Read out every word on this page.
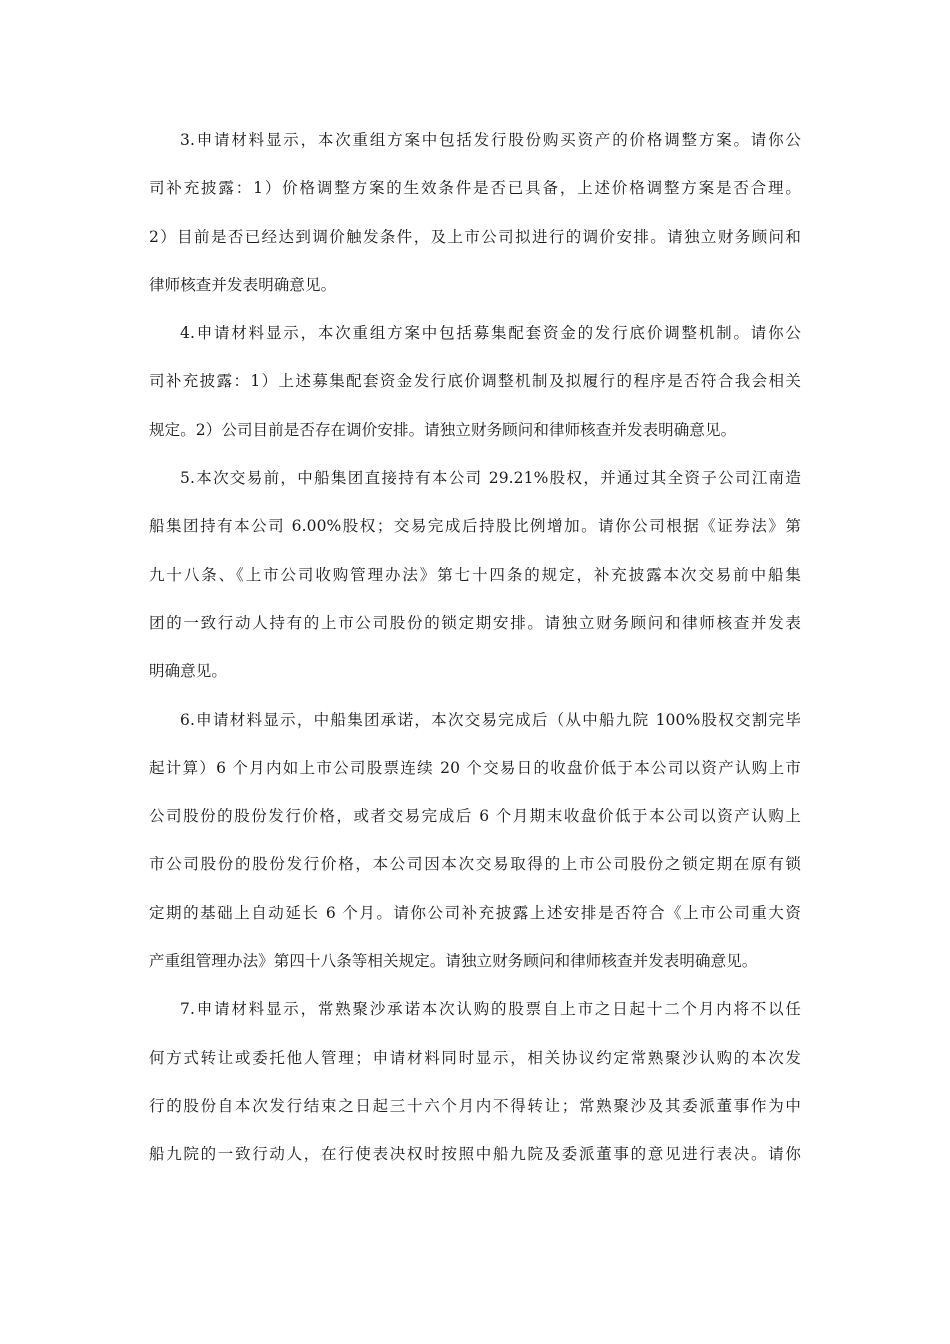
3.申请材料显示，本次重组方案中包括发行股份购买资产的价格调整方案。请你公
司补充披露：1）价格调整方案的生效条件是否已具备，上述价格调整方案是否合理。
2）目前是否已经达到调价触发条件，及上市公司拟进行的调价安排。请独立财务顾问和
律师核查并发表明确意见。
4.申请材料显示，本次重组方案中包括募集配套资金的发行底价调整机制。请你公
司补充披露：1）上述募集配套资金发行底价调整机制及拟履行的程序是否符合我会相关
规定。2）公司目前是否存在调价安排。请独立财务顾问和律师核查并发表明确意见。
5.本次交易前，中船集团直接持有本公司 29.21%股权，并通过其全资子公司江南造
船集团持有本公司 6.00%股权；交易完成后持股比例增加。请你公司根据《证券法》第
九十八条、《上市公司收购管理办法》第七十四条的规定，补充披露本次交易前中船集
团的一致行动人持有的上市公司股份的锁定期安排。请独立财务顾问和律师核查并发表
明确意见。
6.申请材料显示，中船集团承诺，本次交易完成后（从中船九院 100%股权交割完毕
起计算）6 个月内如上市公司股票连续 20 个交易日的收盘价低于本公司以资产认购上市
公司股份的股份发行价格，或者交易完成后 6 个月期末收盘价低于本公司以资产认购上
市公司股份的股份发行价格，本公司因本次交易取得的上市公司股份之锁定期在原有锁
定期的基础上自动延长 6 个月。请你公司补充披露上述安排是否符合《上市公司重大资
产重组管理办法》第四十八条等相关规定。请独立财务顾问和律师核查并发表明确意见。
7.申请材料显示，常熟聚沙承诺本次认购的股票自上市之日起十二个月内将不以任
何方式转让或委托他人管理；申请材料同时显示，相关协议约定常熟聚沙认购的本次发
行的股份自本次发行结束之日起三十六个月内不得转让；常熟聚沙及其委派董事作为中
船九院的一致行动人，在行使表决权时按照中船九院及委派董事的意见进行表决。请你
